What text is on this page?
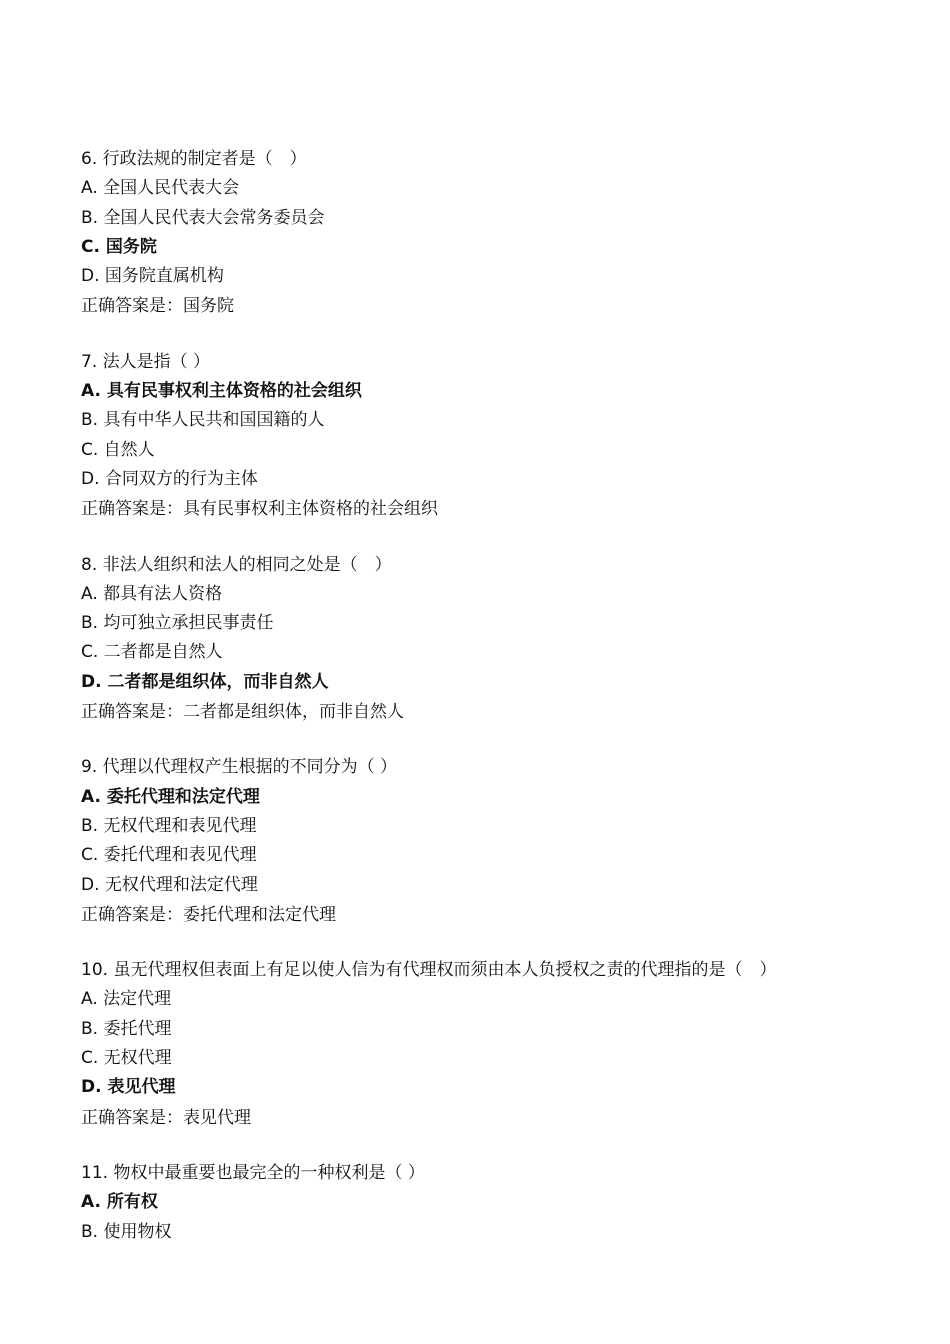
6. 行政法规的制定者是（　）
A. 全国人民代表大会
B. 全国人民代表大会常务委员会
C. 国务院
D. 国务院直属机构
正确答案是：国务院
7. 法人是指（ ）
A. 具有民事权利主体资格的社会组织
B. 具有中华人民共和国国籍的人
C. 自然人
D. 合同双方的行为主体
正确答案是：具有民事权利主体资格的社会组织
8. 非法人组织和法人的相同之处是（　）
A. 都具有法人资格
B. 均可独立承担民事责任
C. 二者都是自然人
D. 二者都是组织体，而非自然人
正确答案是：二者都是组织体，而非自然人
9. 代理以代理权产生根据的不同分为（ ）
A. 委托代理和法定代理
B. 无权代理和表见代理
C. 委托代理和表见代理
D. 无权代理和法定代理
正确答案是：委托代理和法定代理
10. 虽无代理权但表面上有足以使人信为有代理权而须由本人负授权之责的代理指的是（　）
A. 法定代理
B. 委托代理
C. 无权代理
D. 表见代理
正确答案是：表见代理
11. 物权中最重要也最完全的一种权利是（ ）
A. 所有权
B. 使用物权
